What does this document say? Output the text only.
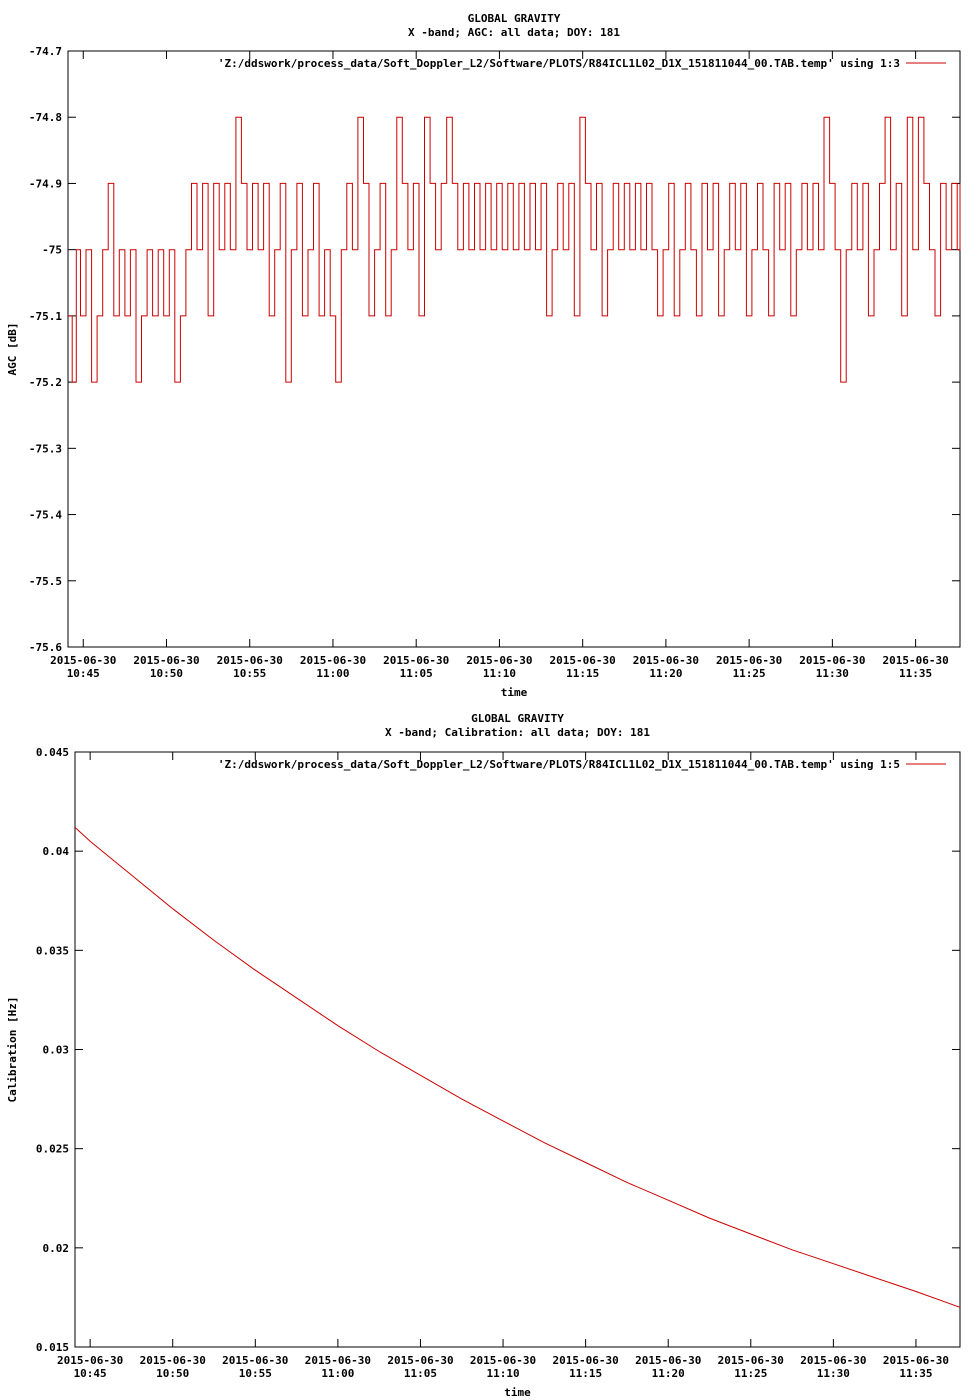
GLOBAL GRAVITY
X -band; AGC: all data; DOY: 181
-74.7
-74.8
-74.9
-75
-75.1
-75.2
-75.3
-75.4
-75.5
-75.6
2015-06-30
10:45
2015-06-30
10:50
2015-06-30
10:55
2015-06-30
11:00
2015-06-30
11:05
2015-06-30
11:10
2015-06-30
11:15
2015-06-30
11:20
2015-06-30
11:25
2015-06-30
11:30
2015-06-30
11:35
time
AGC [dB]
'Z:/ddswork/process_data/Soft_Doppler_L2/Software/PLOTS/R84ICL1L02_D1X_151811044_00.TAB.temp' using 1:3
GLOBAL GRAVITY
X -band; Calibration: all data; DOY: 181
0.045
0.04
0.035
0.03
0.025
0.02
0.015
2015-06-30
10:45
2015-06-30
10:50
2015-06-30
10:55
2015-06-30
11:00
2015-06-30
11:05
2015-06-30
11:10
2015-06-30
11:15
2015-06-30
11:20
2015-06-30
11:25
2015-06-30
11:30
2015-06-30
11:35
time
Calibration [Hz]
'Z:/ddswork/process_data/Soft_Doppler_L2/Software/PLOTS/R84ICL1L02_D1X_151811044_00.TAB.temp' using 1:5
